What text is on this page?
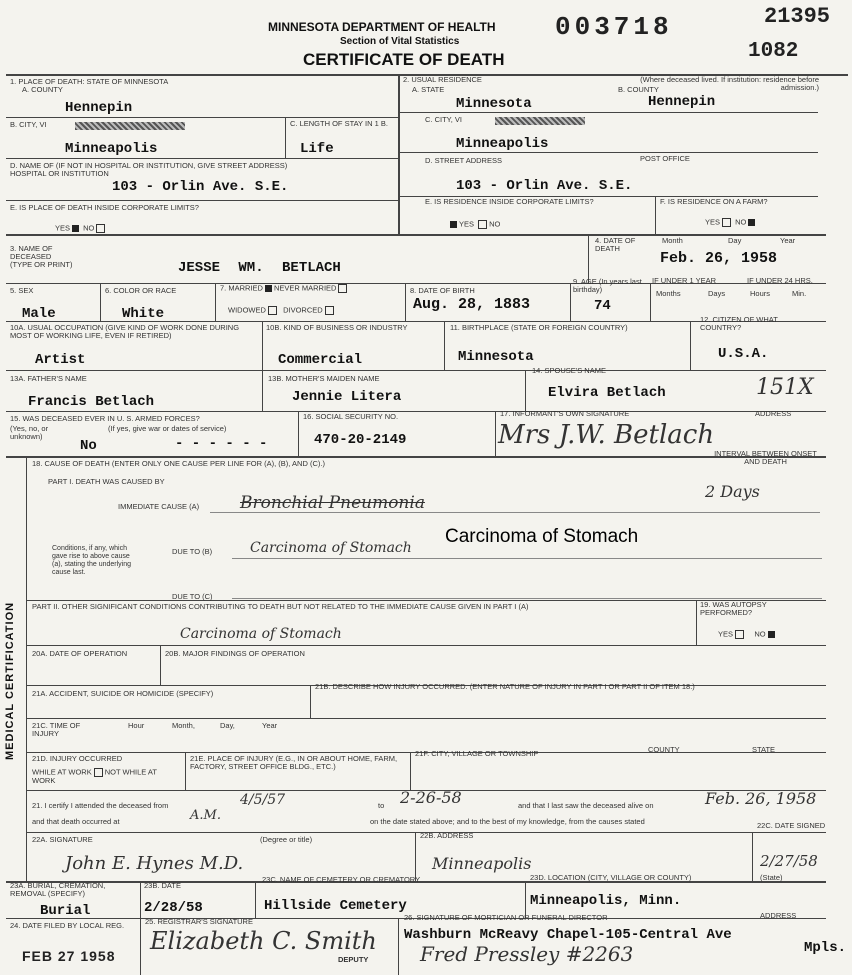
MINNESOTA DEPARTMENT OF HEALTH
Section of Vital Statistics
CERTIFICATE OF DEATH
003718	21395
1082
1. PLACE OF DEATH: STATE OF MINNESOTA
A. COUNTY
Hennepin
B. CITY, VI
Minneapolis
C. LENGTH OF STAY IN 1 B.
Life
D. NAME OF (IF NOT IN HOSPITAL OR INSTITUTION, GIVE STREET ADDRESS) HOSPITAL OR INSTITUTION
103 - Orlin Ave. S.E.
E. IS PLACE OF DEATH INSIDE CORPORATE LIMITS?
YES NO
2. USUAL RESIDENCE	(Where deceased lived. If institution: residence before admission.)
A. STATE	B. COUNTY
Minnesota	Hennepin
C. CITY, VI
Minneapolis
D. STREET ADDRESS	POST OFFICE
103 - Orlin Ave. S.E.
E. IS RESIDENCE INSIDE CORPORATE LIMITS?	F. IS RESIDENCE ON A FARM?
YES NO	YES NO
3. NAME OF DECEASED (TYPE OR PRINT)	JESSE WM. BETLACH
4. DATE OF DEATH
Month	Day	Year
Feb. 26, 1958
5. SEX
Male
6. COLOR OR RACE
White
7. MARRIED NEVER MARRIED
WIDOWED DIVORCED
8. DATE OF BIRTH
Aug. 28, 1883
9. AGE (In years last birthday)
74
IF UNDER 1 YEAR	IF UNDER 24 HRS.
Months	Days	Hours	Min.
10A. USUAL OCCUPATION (GIVE KIND OF WORK DONE DURING MOST OF WORKING LIFE, EVEN IF RETIRED)
Artist
10B. KIND OF BUSINESS OR INDUSTRY
Commercial
11. BIRTHPLACE (STATE OR FOREIGN COUNTRY)
Minnesota
12. CITIZEN OF WHAT COUNTRY?
U.S.A.
13A. FATHER'S NAME
Francis Betlach
13B. MOTHER'S MAIDEN NAME
Jennie Litera
14. SPOUSE'S NAME
Elvira Betlach	151X
15. WAS DECEASED EVER IN U. S. ARMED FORCES?
(Yes, no, or unknown)
(If yes, give war or dates of service)
No	- - - - - -
16. SOCIAL SECURITY NO.
470-20-2149
17. INFORMANT'S OWN SIGNATURE	ADDRESS
Mrs J.W. Betlach
MEDICAL CERTIFICATION
18. CAUSE OF DEATH (ENTER ONLY ONE CAUSE PER LINE FOR (A), (B), AND (C).)
INTERVAL BETWEEN ONSET AND DEATH
PART I. DEATH WAS CAUSED BY
IMMEDIATE CAUSE (A) Bronchial Pneumonia
2 Days
Carcinoma of Stomach
Conditions, if any, which gave rise to above cause (a), stating the underlying cause last.
DUE TO (B)	Carcinoma of Stomach
DUE TO (C)
PART II. OTHER SIGNIFICANT CONDITIONS CONTRIBUTING TO DEATH BUT NOT RELATED TO THE IMMEDIATE CAUSE GIVEN IN PART I (A)
Carcinoma of Stomach
19. WAS AUTOPSY PERFORMED?
YES	NO
20A. DATE OF OPERATION	20B. MAJOR FINDINGS OF OPERATION
21A. ACCIDENT, SUICIDE OR HOMICIDE (SPECIFY)
21B. DESCRIBE HOW INJURY OCCURRED. (ENTER NATURE OF INJURY IN PART I OR PART II OF ITEM 18.)
21C. TIME OF INJURY
Hour	Month,	Day,	Year
21D. INJURY OCCURRED
WHILE AT WORK NOT WHILE AT WORK
21E. PLACE OF INJURY (E.G., IN OR ABOUT HOME, FARM, FACTORY, STREET OFFICE BLDG., ETC.)
21F. CITY, VILLAGE OR TOWNSHIP	COUNTY	STATE
21. I certify I attended the deceased from	4/5/57	to 2-26-58	and that I last saw the deceased alive on	Feb. 26, 1958
and that death occurred at	A.M.	on the date stated above; and to the best of my knowledge, from the causes stated
22A. SIGNATURE	(Degree or title)	22B. ADDRESS
22C. DATE SIGNED
John E. Hynes M.D.	Minneapolis	2/27/58
23A. BURIAL, CREMATION, REMOVAL (SPECIFY)
Burial
23B. DATE
2/28/58
23C. NAME OF CEMETERY OR CREMATORY
Hillside Cemetery
23D. LOCATION (CITY, VILLAGE OR COUNTY)	(State)
Minneapolis, Minn.
24. DATE FILED BY LOCAL REG.
FEB 27 1958
25. REGISTRAR'S SIGNATURE
Elizabeth C. Smith
DEPUTY
26. SIGNATURE OF MORTICIAN OR FUNERAL DIRECTOR	ADDRESS
Washburn McReavy Chapel-105-Central Ave
Mpls.
Fred Pressley #2263
